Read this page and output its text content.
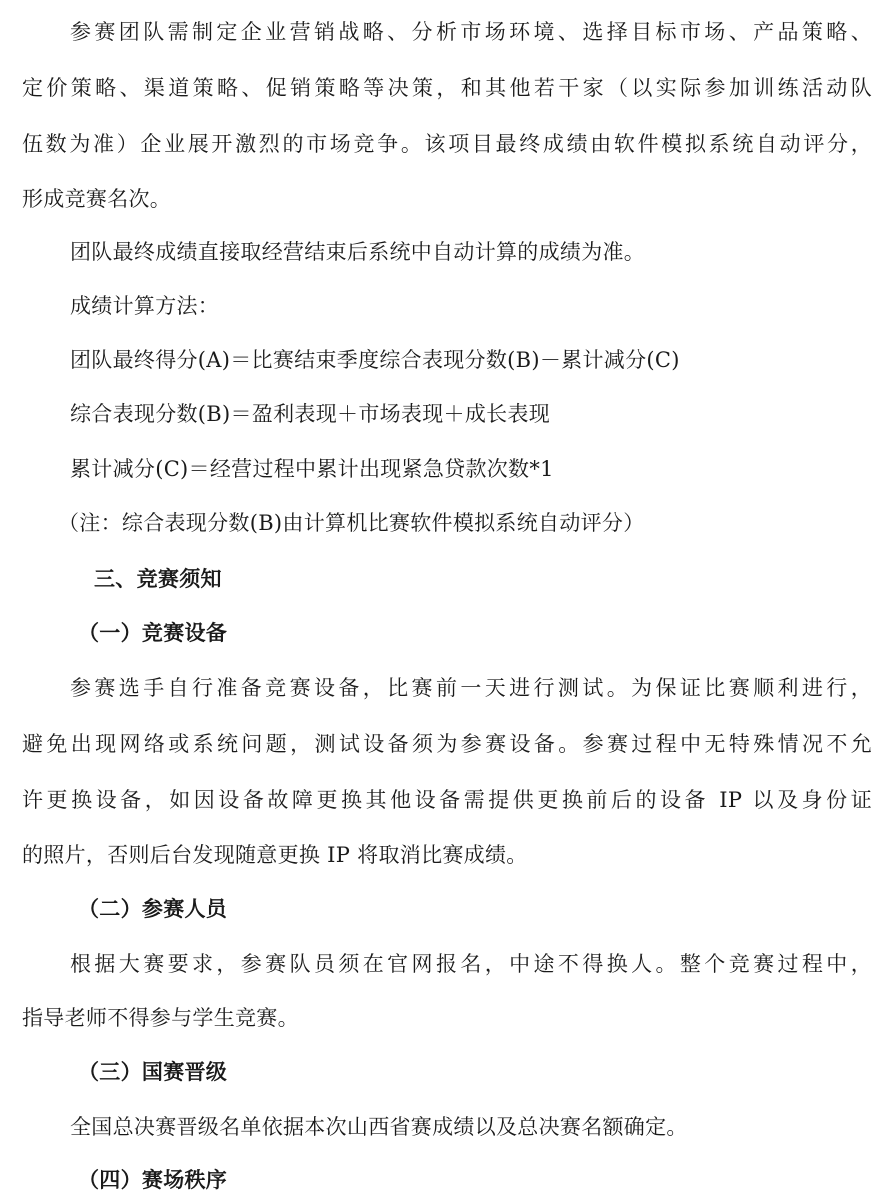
参赛团队需制定企业营销战略、分析市场环境、选择目标市场、产品策略、
定价策略、渠道策略、促销策略等决策，和其他若干家（以实际参加训练活动队
伍数为准）企业展开激烈的市场竞争。该项目最终成绩由软件模拟系统自动评分，
形成竞赛名次。
团队最终成绩直接取经营结束后系统中自动计算的成绩为准。
成绩计算方法：
团队最终得分(A)＝比赛结束季度综合表现分数(B)－累计减分(C)
综合表现分数(B)＝盈利表现＋市场表现＋成长表现
累计减分(C)＝经营过程中累计出现紧急贷款次数*1
（注：综合表现分数(B)由计算机比赛软件模拟系统自动评分）
三、竞赛须知
（一）竞赛设备
参赛选手自行准备竞赛设备，比赛前一天进行测试。为保证比赛顺利进行，
避免出现网络或系统问题，测试设备须为参赛设备。参赛过程中无特殊情况不允
许更换设备，如因设备故障更换其他设备需提供更换前后的设备 IP 以及身份证
的照片，否则后台发现随意更换 IP 将取消比赛成绩。
（二）参赛人员
根据大赛要求，参赛队员须在官网报名，中途不得换人。整个竞赛过程中，
指导老师不得参与学生竞赛。
（三）国赛晋级
全国总决赛晋级名单依据本次山西省赛成绩以及总决赛名额确定。
（四）赛场秩序
